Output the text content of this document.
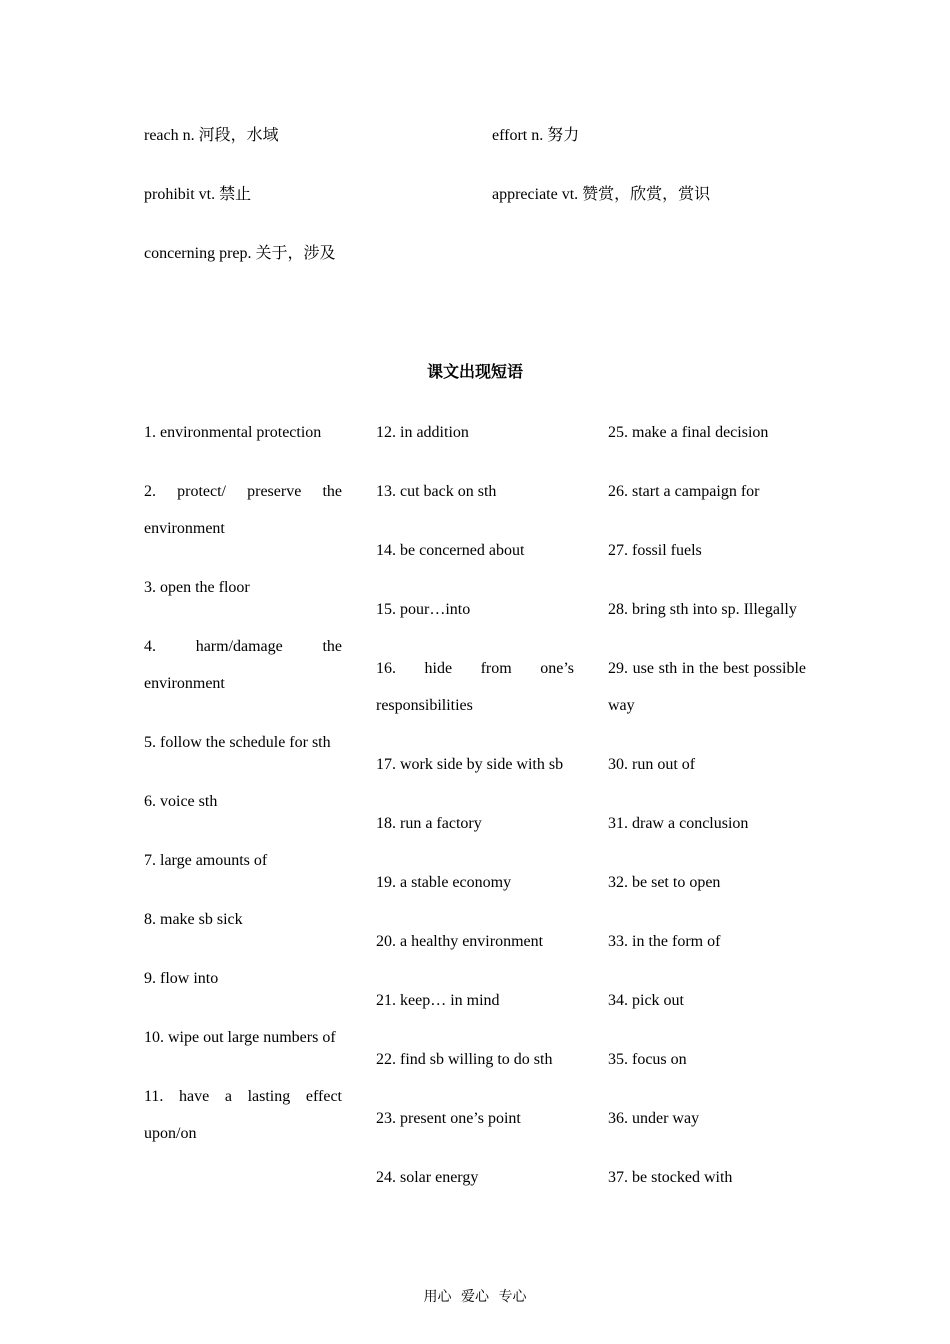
reach n. 河段，水域	effort n. 努力
prohibit vt. 禁止	appreciate vt. 赞赏，欣赏，赏识
concerning prep. 关于，涉及
课文出现短语
1. environmental protection
2. protect/ preserve the environment
3. open the floor
4. harm/damage the environment
5. follow the schedule for sth
6. voice sth
7. large amounts of
8. make sb sick
9. flow into
10. wipe out large numbers of
11. have a lasting effect upon/on
12. in addition
13. cut back on sth
14. be concerned about
15. pour…into
16. hide from one’s responsibilities
17. work side by side with sb
18. run a factory
19. a stable economy
20. a healthy environment
21. keep… in mind
22. find sb willing to do sth
23. present one’s point
24. solar energy
25. make a final decision
26. start a campaign for
27. fossil fuels
28. bring sth into sp. Illegally
29. use sth in the best possible way
30. run out of
31. draw a conclusion
32. be set to open
33. in the form of
34. pick out
35. focus on
36. under way
37. be stocked with
用心 爱心 专心
